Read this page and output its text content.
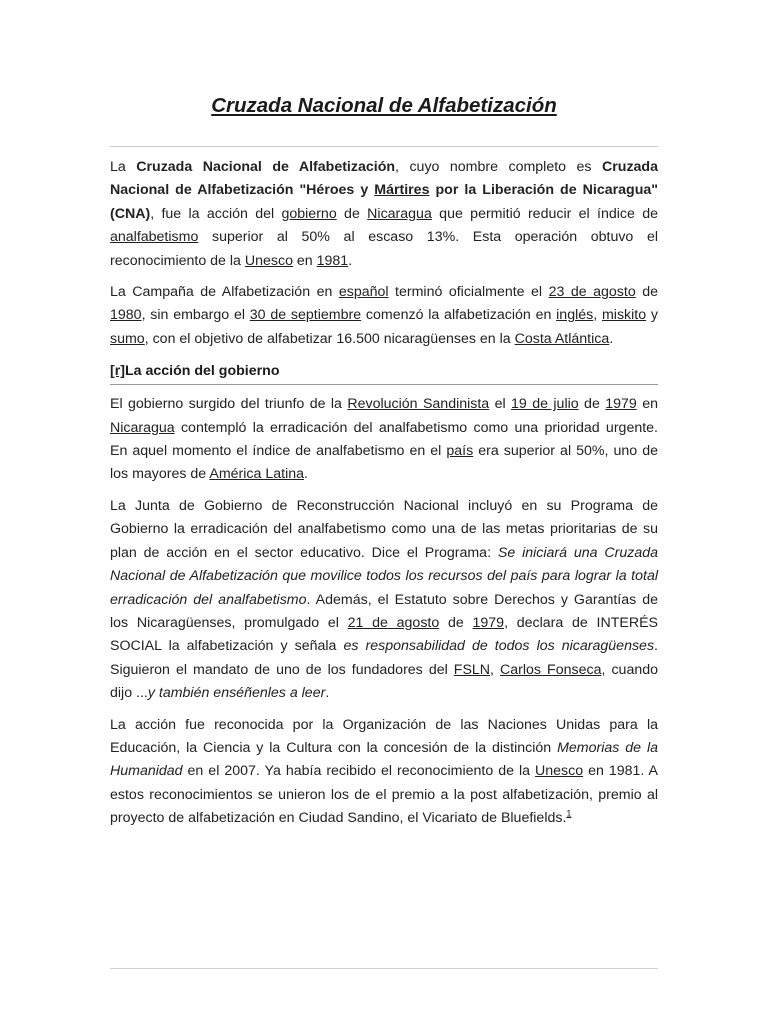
Cruzada Nacional de Alfabetización

La Cruzada Nacional de Alfabetización, cuyo nombre completo es Cruzada Nacional de Alfabetización "Héroes y Mártires por la Liberación de Nicaragua" (CNA), fue la acción del gobierno de Nicaragua que permitió reducir el índice de analfabetismo superior al 50% al escaso 13%. Esta operación obtuvo el reconocimiento de la Unesco en 1981.

La Campaña de Alfabetización en español terminó oficialmente el 23 de agosto de 1980, sin embargo el 30 de septiembre comenzó la alfabetización en inglés, miskito y sumo, con el objetivo de alfabetizar 16.500 nicaragüenses en la Costa Atlántica.

[r]La acción del gobierno

El gobierno surgido del triunfo de la Revolución Sandinista el 19 de julio de 1979 en Nicaragua contempló la erradicación del analfabetismo como una prioridad urgente. En aquel momento el índice de analfabetismo en el país era superior al 50%, uno de los mayores de América Latina.

La Junta de Gobierno de Reconstrucción Nacional incluyó en su Programa de Gobierno la erradicación del analfabetismo como una de las metas prioritarias de su plan de acción en el sector educativo. Dice el Programa: Se iniciará una Cruzada Nacional de Alfabetización que movilice todos los recursos del país para lograr la total erradicación del analfabetismo. Además, el Estatuto sobre Derechos y Garantías de los Nicaragüenses, promulgado el 21 de agosto de 1979, declara de INTERÉS SOCIAL la alfabetización y señala es responsabilidad de todos los nicaragüenses. Siguieron el mandato de uno de los fundadores del FSLN, Carlos Fonseca, cuando dijo ...y también enséñenles a leer.

La acción fue reconocida por la Organización de las Naciones Unidas para la Educación, la Ciencia y la Cultura con la concesión de la distinción Memorias de la Humanidad en el 2007. Ya había recibido el reconocimiento de la Unesco en 1981. A estos reconocimientos se unieron los de el premio a la post alfabetización, premio al proyecto de alfabetización en Ciudad Sandino, el Vicariato de Bluefields.$^1$
